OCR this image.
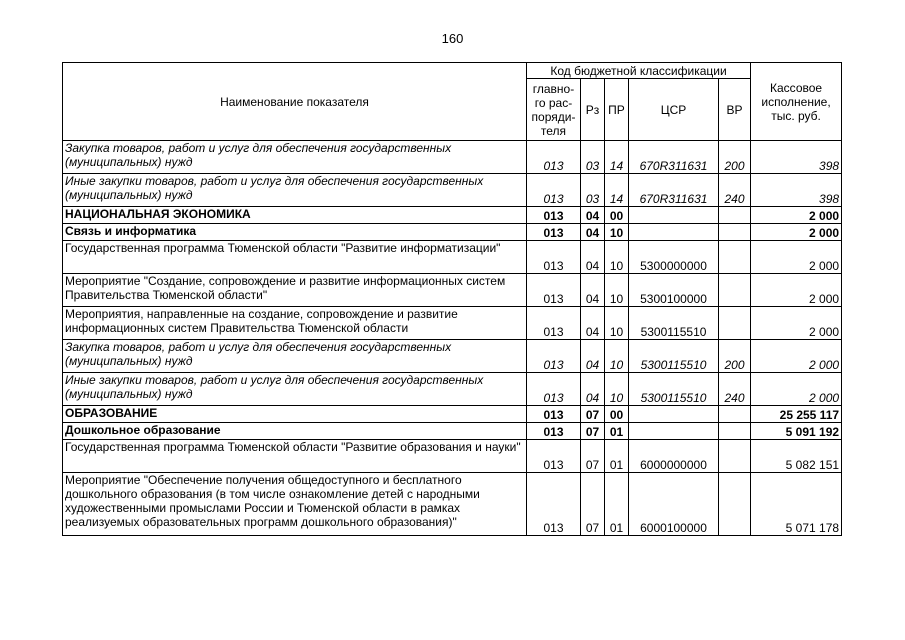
160
Наименование показателя	Код бюджетной классификации					Кассовое исполнение, тыс. руб.
	главно-го рас-поряди-теля	Рз	ПР	ЦСР	ВР	
Закупка товаров, работ и услуг для обеспечения государственных (муниципальных) нужд	013	03	14	670R311631	200	398
Иные закупки товаров, работ и услуг для обеспечения государственных (муниципальных) нужд	013	03	14	670R311631	240	398
НАЦИОНАЛЬНАЯ ЭКОНОМИКА	013	04	00			2 000
Связь и информатика	013	04	10			2 000
Государственная программа Тюменской области "Развитие информатизации"	013	04	10	5300000000		2 000
Мероприятие "Создание, сопровождение и развитие информационных систем Правительства Тюменской области"	013	04	10	5300100000		2 000
Мероприятия, направленные на создание, сопровождение и развитие информационных систем Правительства Тюменской области	013	04	10	5300115510		2 000
Закупка товаров, работ и услуг для обеспечения государственных (муниципальных) нужд	013	04	10	5300115510	200	2 000
Иные закупки товаров, работ и услуг для обеспечения государственных (муниципальных) нужд	013	04	10	5300115510	240	2 000
ОБРАЗОВАНИЕ	013	07	00			25 255 117
Дошкольное образование	013	07	01			5 091 192
Государственная программа Тюменской области "Развитие образования и науки"	013	07	01	6000000000		5 082 151
Мероприятие "Обеспечение получения общедоступного и бесплатного дошкольного образования (в том числе ознакомление детей с народными художественными промыслами России и Тюменской области в рамках реализуемых образовательных программ дошкольного образования)"	013	07	01	6000100000		5 071 178
